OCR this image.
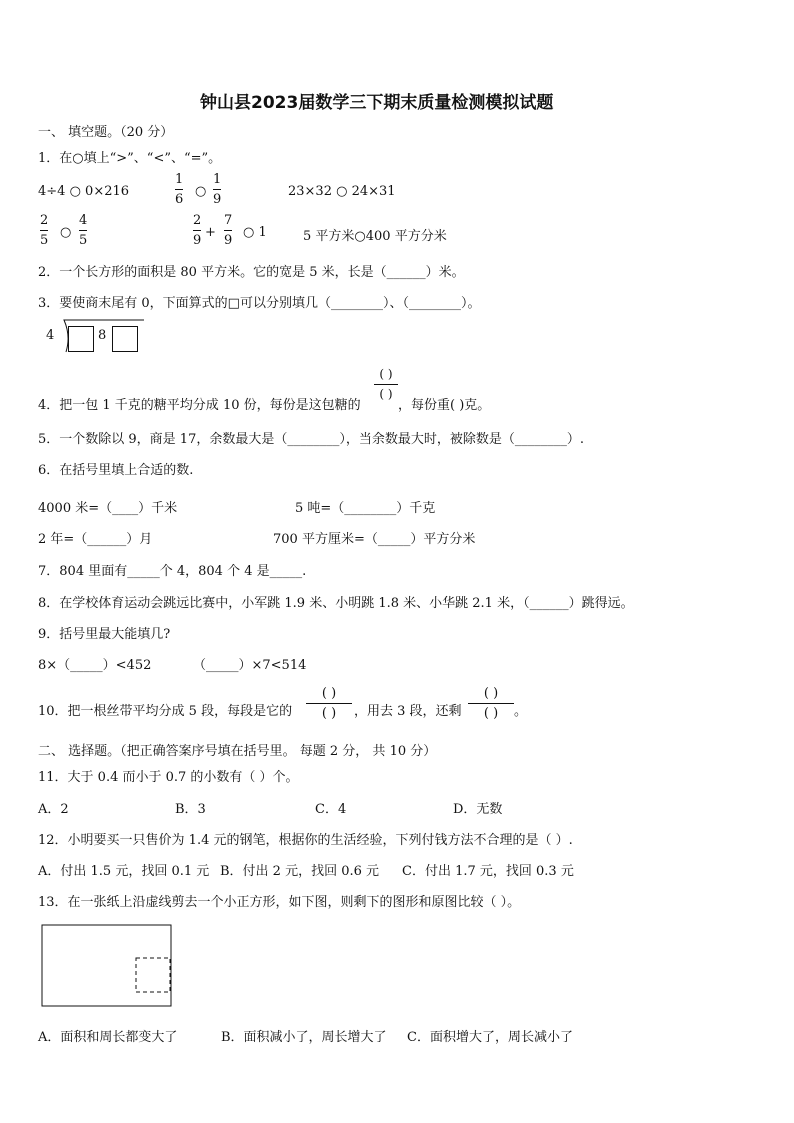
钟山县2023届数学三下期末质量检测模拟试题
一、 填空题。（20 分）
1．在○填上“>”、“<”、“=”。
4÷4 ○ 0×216
1
6
○
1
9
23×32 ○ 24×31
2
5
○
4
5
2
9
+
7
9
○ 1	5 平方米○400 平方分米
2．一个长方形的面积是 80 平方米。它的宽是 5 米，长是（______）米。
3．要使商末尾有 0，下面算式的□可以分别填几（________）、（________）。
4	8
4．把一包 1 千克的糖平均分成 10 份，每份是这包糖的
( )
( )
，每份重( )克。
5．一个数除以 9，商是 17，余数最大是（________），当余数最大时，被除数是（________）.
6．在括号里填上合适的数.
4000 米=（____）千米	5 吨=（________）千克
2 年=（______）月	700 平方厘米=（_____）平方分米
7．804 里面有_____个 4，804 个 4 是_____.
8．在学校体育运动会跳远比赛中，小军跳 1.9 米、小明跳 1.8 米、小华跳 2.1 米，（______）跳得远。
9．括号里最大能填几?
8×（_____）<452	（_____）×7<514
10．把一根丝带平均分成 5 段，每段是它的
( )
( ) ，用去 3 段，还剩
( )
( ) 。
二、 选择题。（把正确答案序号填在括号里。 每题 2 分， 共 10 分）
11．大于 0.4 而小于 0.7 的小数有（ ）个。
A．2	B．3	C．4	D．无数
12．小明要买一只售价为 1.4 元的钢笔，根据你的生活经验，下列付钱方法不合理的是（ ）.
A．付出 1.5 元，找回 0.1 元 B．付出 2 元，找回 0.6 元 C．付出 1.7 元，找回 0.3 元
13．在一张纸上沿虚线剪去一个小正方形，如下图，则剩下的图形和原图比较（ ）。
A．面积和周长都变大了	B．面积减小了，周长增大了 C．面积增大了，周长减小了
